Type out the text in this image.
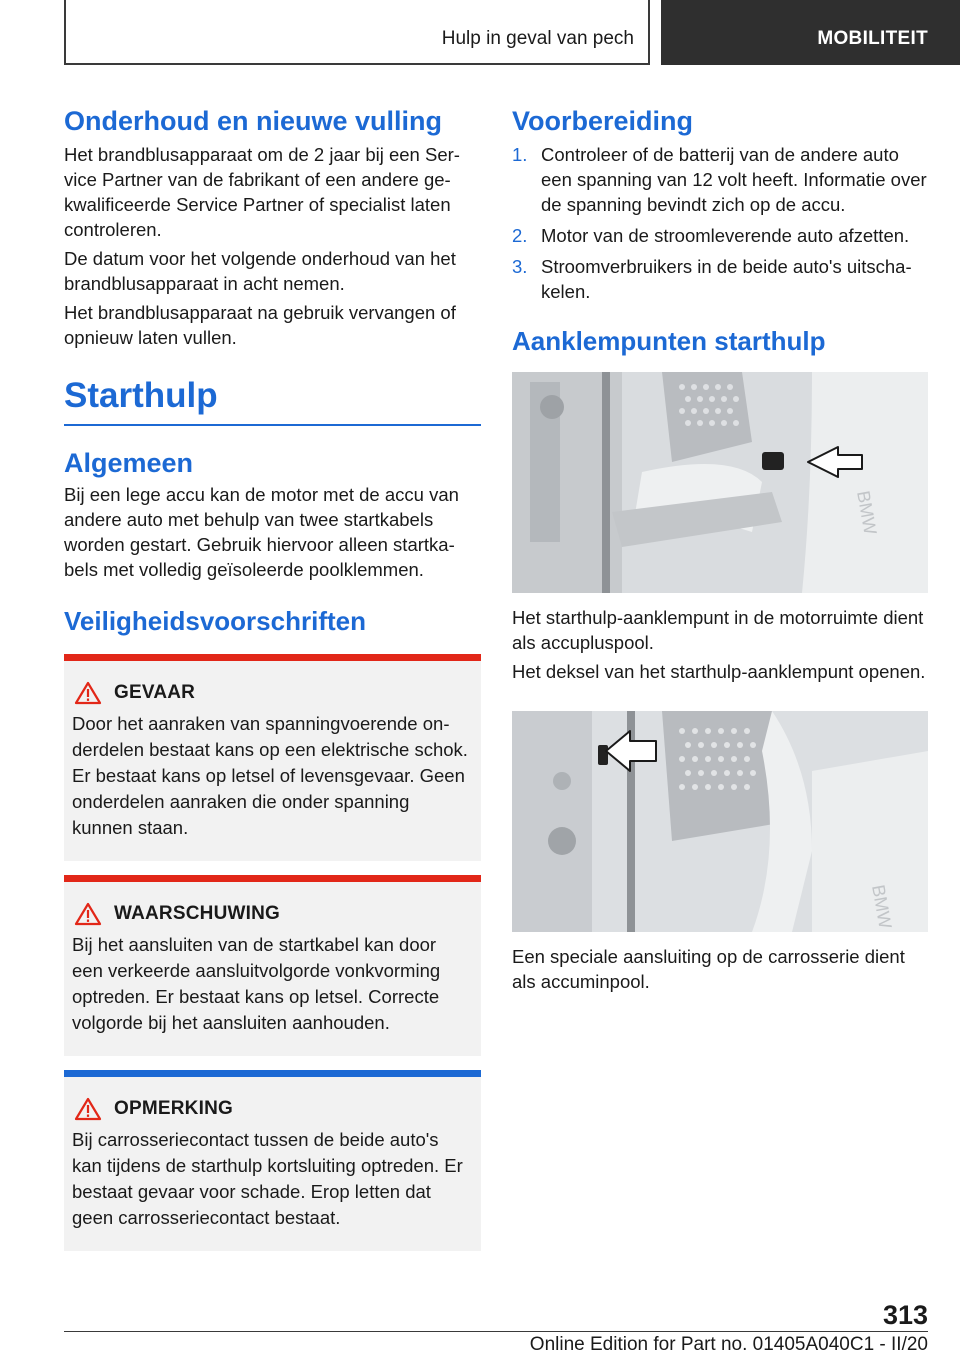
Hulp in geval van pech	MOBILITEIT
Onderhoud en nieuwe vulling

Het brandblusapparaat om de 2 jaar bij een Service Partner van de fabrikant of een andere gekwalificeerde Service Partner of specialist laten controleren.

De datum voor het volgende onderhoud van het brandblusapparaat in acht nemen.

Het brandblusapparaat na gebruik vervangen of opnieuw laten vullen.

Starthulp
Algemeen

Bij een lege accu kan de motor met de accu van andere auto met behulp van twee startkabels worden gestart. Gebruik hiervoor alleen startkabels met volledig geïsoleerde poolklemmen.

Veiligheidsvoorschriften
GEVAAR

Door het aanraken van spanningvoerende onderdelen bestaat kans op een elektrische schok. Er bestaat kans op letsel of levensgevaar. Geen onderdelen aanraken die onder spanning kunnen staan.

WAARSCHUWING

Bij het aansluiten van de startkabel kan door een verkeerde aansluitvolgorde vonkvorming optreden. Er bestaat kans op letsel. Correcte volgorde bij het aansluiten aanhouden.

OPMERKING

Bij carrosseriecontact tussen de beide auto's kan tijdens de starthulp kortsluiting optreden. Er bestaat gevaar voor schade. Erop letten dat geen carrosseriecontact bestaat.

Voorbereiding
1. Controleer of de batterij van de andere auto een spanning van 12 volt heeft. Informatie over de spanning bevindt zich op de accu.
2. Motor van de stroomleverende auto afzetten.
3. Stroomverbruikers in de beide auto's uitschakelen.
Aanklempunten starthulp
BMW

Het starthulp-aanklempunt in de motorruimte dient als accupluspool.

Het deksel van het starthulp-aanklempunt openen.

BMW

Een speciale aansluiting op de carrosserie dient als accuminpool.

313
Online Edition for Part no. 01405A040C1 - II/20
